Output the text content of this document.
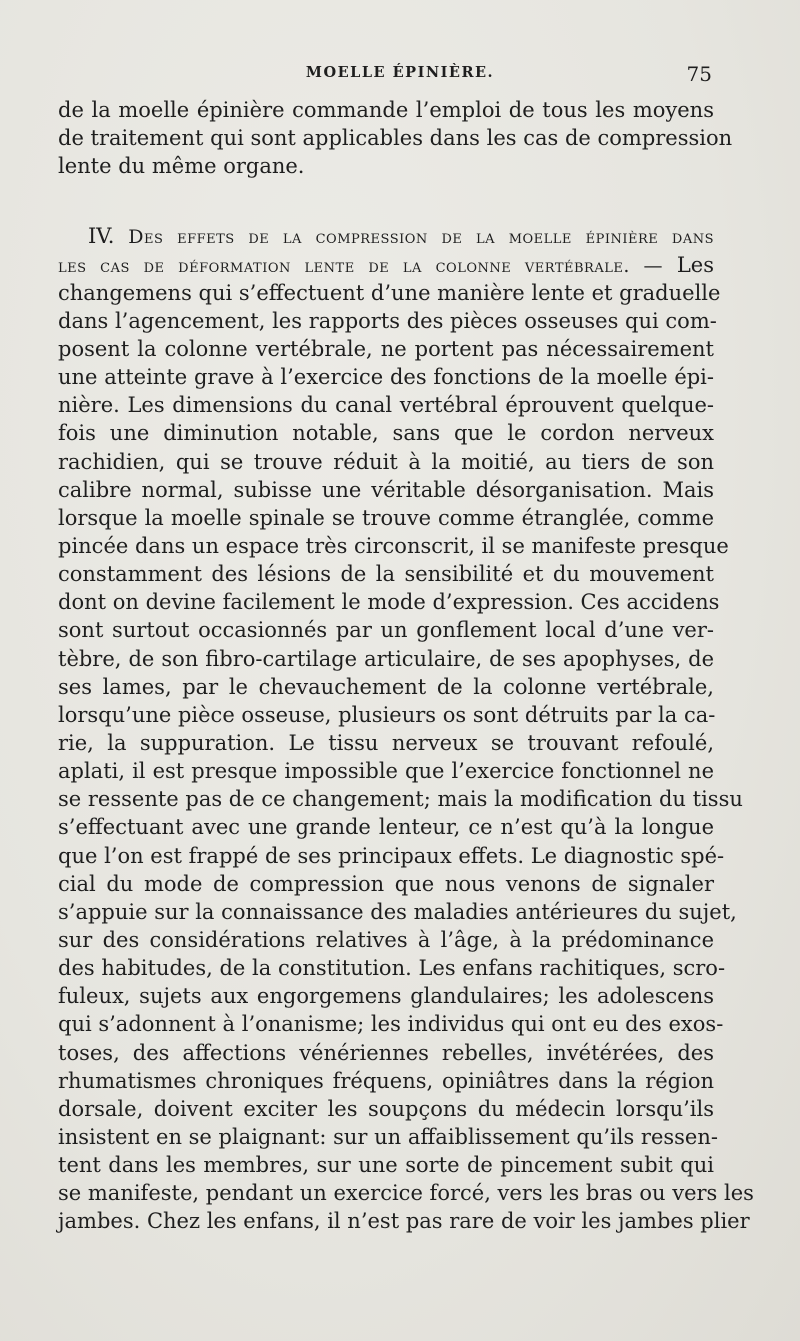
MOELLE ÉPINIÈRE.	75
de la moelle épinière commande l’emploi de tous les moyens
de traitement qui sont applicables dans les cas de compression
lente du même organe.
IV. Des effets de la compression de la moelle épinière dans
les cas de déformation lente de la colonne vertébrale. — Les
changemens qui s’effectuent d’une manière lente et graduelle
dans l’agencement, les rapports des pièces osseuses qui com-
posent la colonne vertébrale, ne portent pas nécessairement
une atteinte grave à l’exercice des fonctions de la moelle épi-
nière. Les dimensions du canal vertébral éprouvent quelque-
fois une diminution notable, sans que le cordon nerveux
rachidien, qui se trouve réduit à la moitié, au tiers de son
calibre normal, subisse une véritable désorganisation. Mais
lorsque la moelle spinale se trouve comme étranglée, comme
pincée dans un espace très circonscrit, il se manifeste presque
constamment des lésions de la sensibilité et du mouvement
dont on devine facilement le mode d’expression. Ces accidens
sont surtout occasionnés par un gonflement local d’une ver-
tèbre, de son fibro-cartilage articulaire, de ses apophyses, de
ses lames, par le chevauchement de la colonne vertébrale,
lorsqu’une pièce osseuse, plusieurs os sont détruits par la ca-
rie, la suppuration. Le tissu nerveux se trouvant refoulé,
aplati, il est presque impossible que l’exercice fonctionnel ne
se ressente pas de ce changement; mais la modification du tissu
s’effectuant avec une grande lenteur, ce n’est qu’à la longue
que l’on est frappé de ses principaux effets. Le diagnostic spé-
cial du mode de compression que nous venons de signaler
s’appuie sur la connaissance des maladies antérieures du sujet,
sur des considérations relatives à l’âge, à la prédominance
des habitudes, de la constitution. Les enfans rachitiques, scro-
fuleux, sujets aux engorgemens glandulaires; les adolescens
qui s’adonnent à l’onanisme; les individus qui ont eu des exos-
toses, des affections vénériennes rebelles, invétérées, des
rhumatismes chroniques fréquens, opiniâtres dans la région
dorsale, doivent exciter les soupçons du médecin lorsqu’ils
insistent en se plaignant: sur un affaiblissement qu’ils ressen-
tent dans les membres, sur une sorte de pincement subit qui
se manifeste, pendant un exercice forcé, vers les bras ou vers les
jambes. Chez les enfans, il n’est pas rare de voir les jambes plier
